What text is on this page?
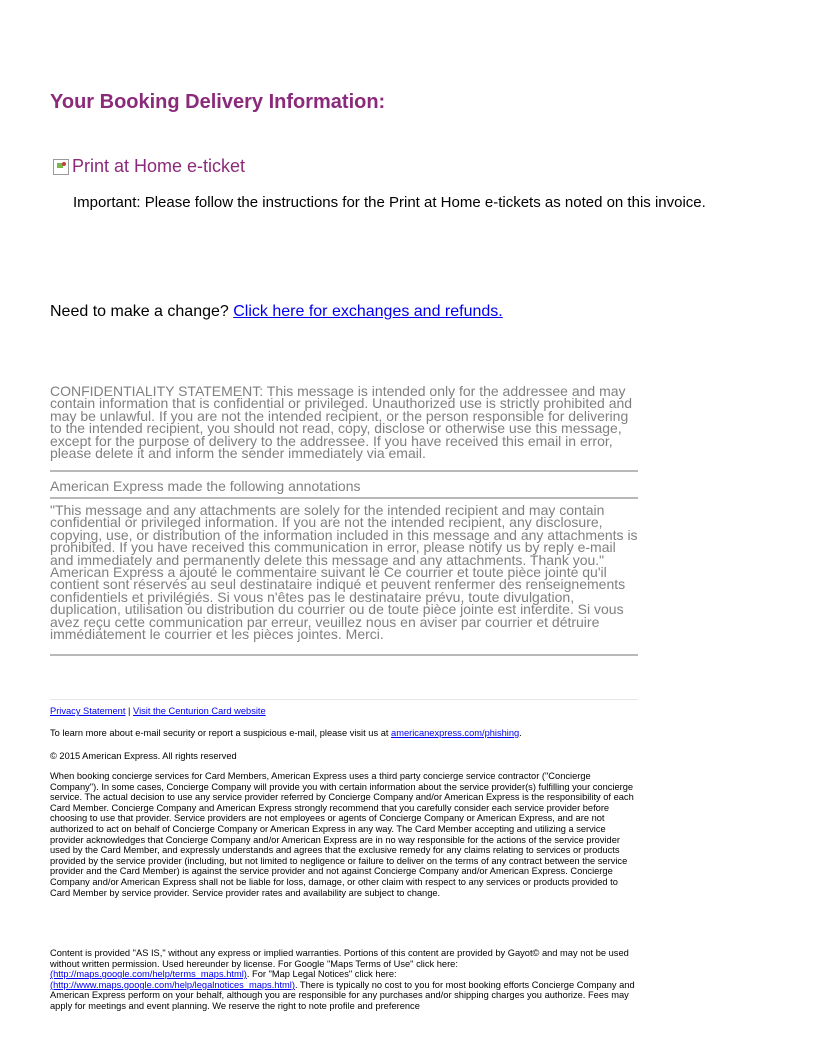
Your Booking Delivery Information:
Print at Home e-ticket
Important: Please follow the instructions for the Print at Home e-tickets as noted on this invoice.
Need to make a change? Click here for exchanges and refunds.

CONFIDENTIALITY STATEMENT: This message is intended only for the addressee and may contain information that is confidential or privileged. Unauthorized use is strictly prohibited and may be unlawful. If you are not the intended recipient, or the person responsible for delivering to the intended recipient, you should not read, copy, disclose or otherwise use this message, except for the purpose of delivery to the addressee. If you have received this email in error, please delete it and inform the sender immediately via email.

American Express made the following annotations
"This message and any attachments are solely for the intended recipient and may contain confidential or privileged information. If you are not the intended recipient, any disclosure, copying, use, or distribution of the information included in this message and any attachments is prohibited. If you have received this communication in error, please notify us by reply e-mail and immediately and permanently delete this message and any attachments. Thank you." American Express a ajouté le commentaire suivant le Ce courrier et toute pièce jointe qu'il contient sont réservés au seul destinataire indiqué et peuvent renfermer des renseignements confidentiels et privilégiés. Si vous n'êtes pas le destinataire prévu, toute divulgation, duplication, utilisation ou distribution du courrier ou de toute pièce jointe est interdite. Si vous avez reçu cette communication par erreur, veuillez nous en aviser par courrier et détruire immédiatement le courrier et les pièces jointes. Merci.
Privacy Statement | Visit the Centurion Card website
To learn more about e-mail security or report a suspicious e-mail, please visit us at americanexpress.com/phishing.
© 2015 American Express. All rights reserved
When booking concierge services for Card Members, American Express uses a third party concierge service contractor ("Concierge Company"). In some cases, Concierge Company will provide you with certain information about the service provider(s) fulfilling your concierge service. The actual decision to use any service provider referred by Concierge Company and/or American Express is the responsibility of each Card Member. Concierge Company and American Express strongly recommend that you carefully consider each service provider before choosing to use that provider. Service providers are not employees or agents of Concierge Company or American Express, and are not authorized to act on behalf of Concierge Company or American Express in any way. The Card Member accepting and utilizing a service provider acknowledges that Concierge Company and/or American Express are in no way responsible for the actions of the service provider used by the Card Member, and expressly understands and agrees that the exclusive remedy for any claims relating to services or products provided by the service provider (including, but not limited to negligence or failure to deliver on the terms of any contract between the service provider and the Card Member) is against the service provider and not against Concierge Company and/or American Express. Concierge Company and/or American Express shall not be liable for loss, damage, or other claim with respect to any services or products provided to Card Member by service provider. Service provider rates and availability are subject to change.
Content is provided "AS IS," without any express or implied warranties. Portions of this content are provided by Gayot© and may not be used without written permission. Used hereunder by license. For Google "Maps Terms of Use" click here: (http://maps.google.com/help/terms_maps.html). For "Map Legal Notices" click here: (http://www.maps.google.com/help/legalnotices_maps.html). There is typically no cost to you for most booking efforts Concierge Company and American Express perform on your behalf, although you are responsible for any purchases and/or shipping charges you authorize. Fees may apply for meetings and event planning. We reserve the right to note profile and preference
